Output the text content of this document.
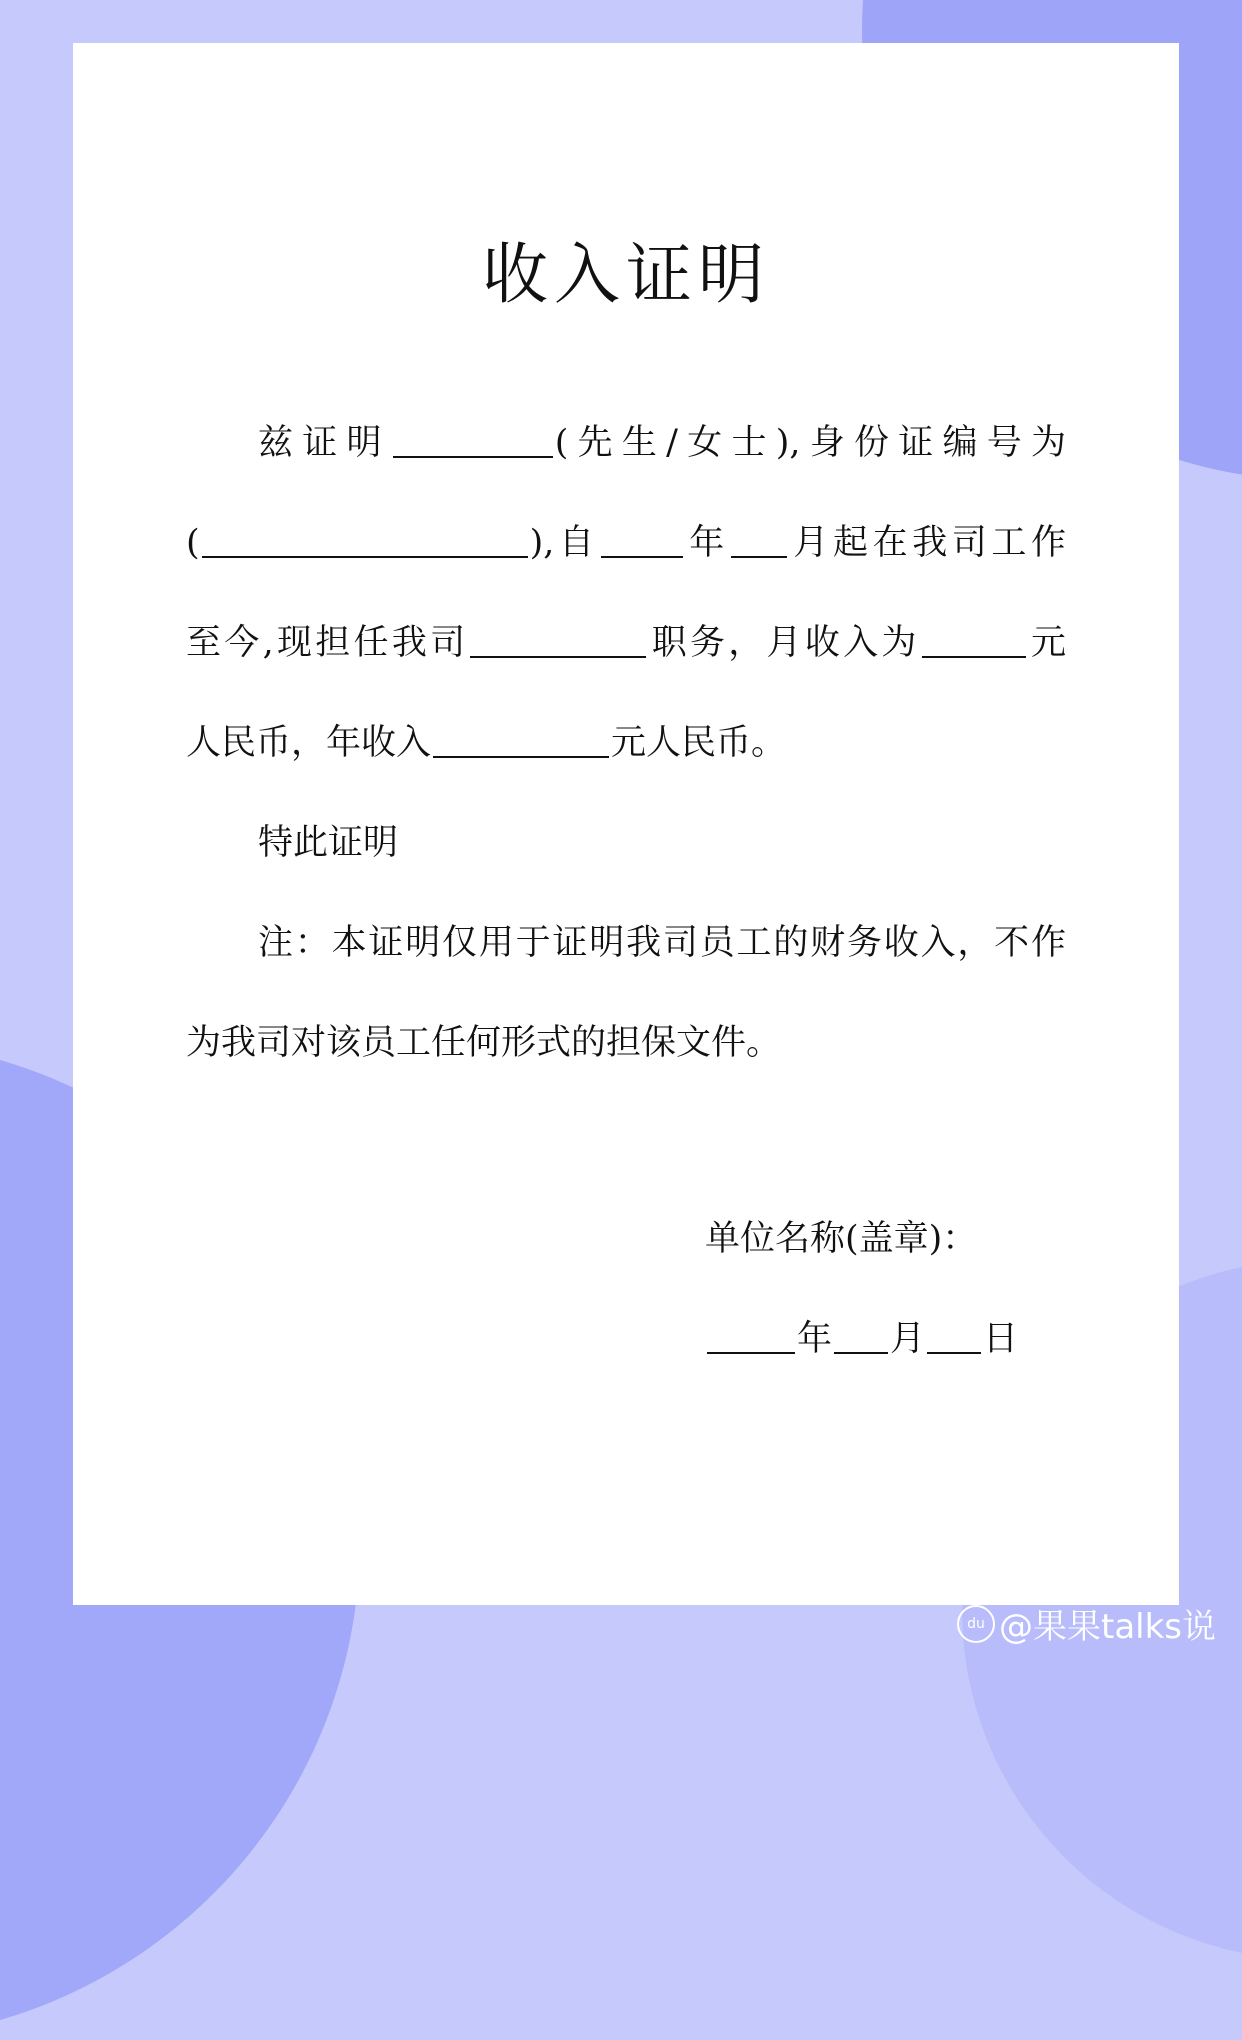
收入证明
兹证明	(先生/女士),身份证编号为
(	),自 年 月起在我司工作
至今,现担任我司	职务，月收入为	元
人民币，年收入	元人民币。
特此证明
注：本证明仅用于证明我司员工的财务收入，不作
为我司对该员工任何形式的担保文件。
单位名称(盖章)：
年 月 日
du @果果talks说
